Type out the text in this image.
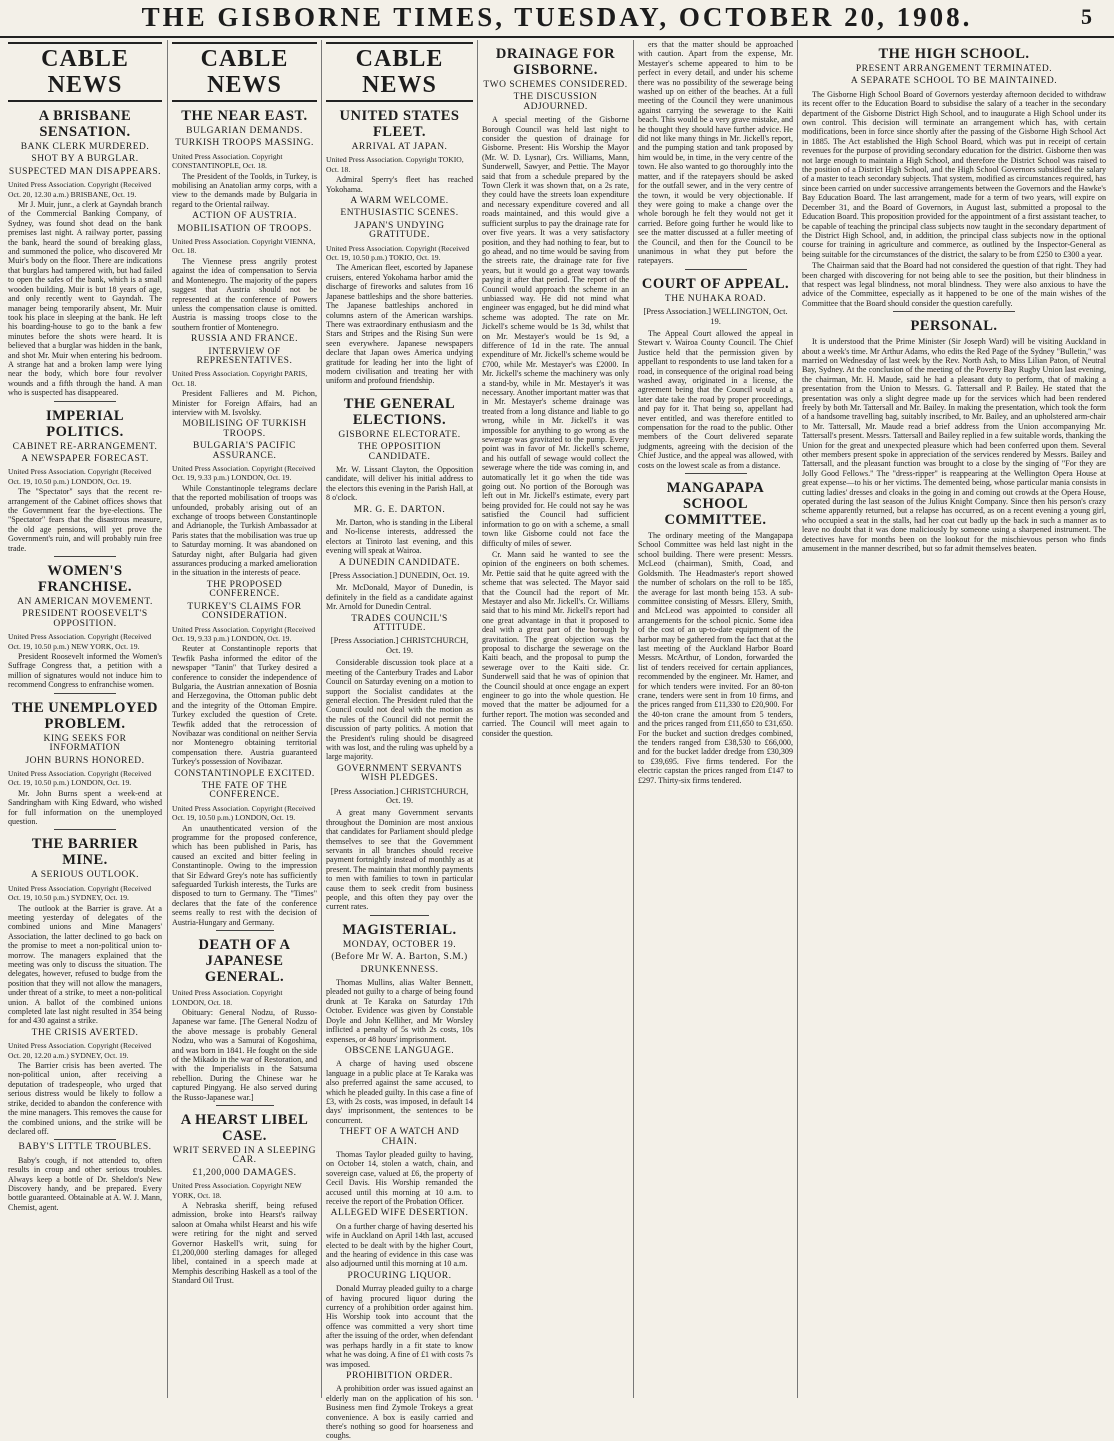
THE GISBORNE TIMES, TUESDAY, OCTOBER 20, 1908.	5
CABLE NEWS
A BRISBANE SENSATION.
BANK CLERK MURDERED.
SHOT BY A BURGLAR.
SUSPECTED MAN DISAPPEARS.
United Press Association. Copyright (Received Oct. 20, 12.30 a.m.) BRISBANE, Oct. 19.

Mr J. Muir, junr., a clerk at Gayndah branch of the Commercial Banking Company, of Sydney, was found shot dead on the bank premises last night. A railway porter, passing the bank, heard the sound of breaking glass, and summoned the police, who discovered Mr Muir's body on the floor. There are indications that burglars had tampered with, but had failed to open the safes of the bank, which is a small wooden building. Muir is but 18 years of age, and only recently went to Gayndah. The manager being temporarily absent, Mr. Muir took his place in sleeping at the bank. He left his boarding-house to go to the bank a few minutes before the shots were heard. It is believed that a burglar was hidden in the bank, and shot Mr. Muir when entering his bedroom. A strange hat and a broken lamp were lying near the body, which bore four revolver wounds and a fifth through the hand. A man who is suspected has disappeared.

IMPERIAL POLITICS.
CABINET RE-ARRANGEMENT.
A NEWSPAPER FORECAST.
United Press Association. Copyright (Received Oct. 19, 10.50 p.m.) LONDON, Oct. 19.

The "Spectator" says that the recent re-arrangement of the Cabinet offices shows that the Government fear the bye-elections. The "Spectator" fears that the disastrous measure, the old age pensions, will yet prove the Government's ruin, and will probably ruin free trade.

WOMEN'S FRANCHISE.
AN AMERICAN MOVEMENT.
PRESIDENT ROOSEVELT'S OPPOSITION.
United Press Association. Copyright (Received Oct. 19, 10.50 p.m.) NEW YORK, Oct. 19.

President Roosevelt informed the Women's Suffrage Congress that, a petition with a million of signatures would not induce him to recommend Congress to enfranchise women.

THE UNEMPLOYED PROBLEM.
KING SEEKS FOR INFORMATION
JOHN BURNS HONORED.
United Press Association. Copyright (Received Oct. 19, 10.50 p.m.) LONDON, Oct. 19.

Mr. John Burns spent a week-end at Sandringham with King Edward, who wished for full information on the unemployed question.

THE BARRIER MINE.
A SERIOUS OUTLOOK.
United Press Association. Copyright (Received Oct. 19, 10.50 p.m.) SYDNEY, Oct. 19.

The outlook at the Barrier is grave. At a meeting yesterday of delegates of the combined unions and Mine Managers' Association, the latter declined to go back on the promise to meet a non-political union to-morrow. The managers explained that the meeting was only to discuss the situation. The delegates, however, refused to budge from the position that they will not allow the managers, under threat of a strike, to meet a non-political union. A ballot of the combined unions completed late last night resulted in 354 being for and 430 against a strike.

THE CRISIS AVERTED.
United Press Association. Copyright (Received Oct. 20, 12.20 a.m.) SYDNEY, Oct. 19.

The Barrier crisis has been averted. The non-political union, after receiving a deputation of tradespeople, who urged that serious distress would be likely to follow a strike, decided to abandon the conference with the mine managers. This removes the cause for the combined unions, and the strike will be declared off.

BABY'S LITTLE TROUBLES.

Baby's cough, if not attended to, often results in croup and other serious troubles. Always keep a bottle of Dr. Sheldon's New Discovery handy, and be prepared. Every bottle guaranteed. Obtainable at A. W. J. Mann, Chemist, agent.

CABLE NEWS
THE NEAR EAST.
BULGARIAN DEMANDS.
TURKISH TROOPS MASSING.
United Press Association. Copyright CONSTANTINOPLE, Oct. 18.

The President of the Toolds, in Turkey, is mobilising an Anatolian army corps, with a view to the demands made by Bulgaria in regard to the Oriental railway.

ACTION OF AUSTRIA.
MOBILISATION OF TROOPS.
United Press Association. Copyright VIENNA, Oct. 18.

The Viennese press angrily protest against the idea of compensation to Servia and Montenegro. The majority of the papers suggest that Austria should not be represented at the conference of Powers unless the compensation clause is omitted. Austria is massing troops close to the southern frontier of Montenegro.

RUSSIA AND FRANCE.
INTERVIEW OF REPRESENTATIVES.
United Press Association. Copyright PARIS, Oct. 18.

President Fallieres and M. Pichon, Minister for Foreign Affairs, had an interview with M. Isvolsky.

MOBILISING OF TURKISH TROOPS.
BULGARIA'S PACIFIC ASSURANCE.
United Press Association. Copyright (Received Oct. 19, 9.33 p.m.) LONDON, Oct. 19.

While Constantinople telegrams declare that the reported mobilisation of troops was unfounded, probably arising out of an exchange of troops between Constantinople and Adrianople, the Turkish Ambassador at Paris states that the mobilisation was true up to Saturday morning. It was abandoned on Saturday night, after Bulgaria had given assurances producing a marked amelioration in the situation in the interests of peace.

THE PROPOSED CONFERENCE.
TURKEY'S CLAIMS FOR CONSIDERATION.
United Press Association. Copyright (Received Oct. 19, 9.33 p.m.) LONDON, Oct. 19.

Reuter at Constantinople reports that Tewfik Pasha informed the editor of the newspaper "Tanin" that Turkey desired a conference to consider the independence of Bulgaria, the Austrian annexation of Bosnia and Herzegovina, the Ottoman public debt and the integrity of the Ottoman Empire. Turkey excluded the question of Crete. Tewfik added that the retrocession of Novibazar was conditional on neither Servia nor Montenegro obtaining territorial compensation there. Austria guaranteed Turkey's possession of Novibazar.

CONSTANTINOPLE EXCITED.
THE FATE OF THE CONFERENCE.
United Press Association. Copyright (Received Oct. 19, 10.50 p.m.) LONDON, Oct. 19.

An unauthenticated version of the programme for the proposed conference, which has been published in Paris, has caused an excited and bitter feeling in Constantinople. Owing to the impression that Sir Edward Grey's note has sufficiently safeguarded Turkish interests, the Turks are disposed to turn to Germany. The "Times" declares that the fate of the conference seems really to rest with the decision of Austria-Hungary and Germany.

DEATH OF A JAPANESE GENERAL.
United Press Association. Copyright LONDON, Oct. 18.

Obituary: General Nodzu, of Russo-Japanese war fame. [The General Nodzu of the above message is probably General Nodzu, who was a Samurai of Kogoshima, and was born in 1841. He fought on the side of the Mikado in the war of Restoration, and with the Imperialists in the Satsuma rebellion. During the Chinese war he captured Pingyang. He also served during the Russo-Japanese war.]

A HEARST LIBEL CASE.
WRIT SERVED IN A SLEEPING CAR.
£1,200,000 DAMAGES.
United Press Association. Copyright NEW YORK, Oct. 18.

A Nebraska sheriff, being refused admission, broke into Hearst's railway saloon at Omaha whilst Hearst and his wife were retiring for the night and served Governor Haskell's writ, suing for £1,200,000 sterling damages for alleged libel, contained in a speech made at Memphis describing Haskell as a tool of the Standard Oil Trust.

CABLE NEWS
UNITED STATES FLEET.
ARRIVAL AT JAPAN.
United Press Association. Copyright TOKIO, Oct. 18.

Admiral Sperry's fleet has reached Yokohama.

A WARM WELCOME.
ENTHUSIASTIC SCENES.
JAPAN'S UNDYING GRATITUDE.
United Press Association. Copyright (Received Oct. 19, 10.50 p.m.) TOKIO, Oct. 19.

The American fleet, escorted by Japanese cruisers, entered Yokohama harbor amid the discharge of fireworks and salutes from 16 Japanese battleships and the shore batteries. The Japanese battleships anchored in columns astern of the American warships. There was extraordinary enthusiasm and the Stars and Stripes and the Rising Sun were seen everywhere. Japanese newspapers declare that Japan owes America undying gratitude for leading her into the light of modern civilisation and treating her with uniform and profound friendship.

THE GENERAL ELECTIONS.
GISBORNE ELECTORATE.
THE OPPOSITION CANDIDATE.

Mr. W. Lissant Clayton, the Opposition candidate, will deliver his initial address to the electors this evening in the Parish Hall, at 8 o'clock.

MR. G. E. DARTON.

Mr. Darton, who is standing in the Liberal and No-license interests, addressed the electors at Tiniroto last evening, and this evening will speak at Wairoa.

A DUNEDIN CANDIDATE.
[Press Association.] DUNEDIN, Oct. 19.

Mr. McDonald, Mayor of Dunedin, is definitely in the field as a candidate against Mr. Arnold for Dunedin Central.

TRADES COUNCIL'S ATTITUDE.
[Press Association.] CHRISTCHURCH, Oct. 19.

Considerable discussion took place at a meeting of the Canterbury Trades and Labor Council on Saturday evening on a motion to support the Socialist candidates at the general election. The President ruled that the Council could not deal with the motion as the rules of the Council did not permit the discussion of party politics. A motion that the President's ruling should be disagreed with was lost, and the ruling was upheld by a large majority.

GOVERNMENT SERVANTS WISH PLEDGES.
[Press Association.] CHRISTCHURCH, Oct. 19.

A great many Government servants throughout the Dominion are most anxious that candidates for Parliament should pledge themselves to see that the Government servants in all branches should receive payment fortnightly instead of monthly as at present. The maintain that monthly payments to men with families to town in particular cause them to seek credit from business people, and this often they pay over the current rates.

MAGISTERIAL.
MONDAY, OCTOBER 19.
(Before Mr W. A. Barton, S.M.)
DRUNKENNESS.

Thomas Mullins, alias Walter Bennett, pleaded not guilty to a charge of being found drunk at Te Karaka on Saturday 17th October. Evidence was given by Constable Doyle and John Kelliher, and Mr Worsley inflicted a penalty of 5s with 2s costs, 10s expenses, or 48 hours' imprisonment.

OBSCENE LANGUAGE.

A charge of having used obscene language in a public place at Te Karaka was also preferred against the same accused, to which he pleaded guilty. In this case a fine of £3, with 2s costs, was imposed, in default 14 days' imprisonment, the sentences to be concurrent.

THEFT OF A WATCH AND CHAIN.

Thomas Taylor pleaded guilty to having, on October 14, stolen a watch, chain, and sovereign case, valued at £6, the property of Cecil Davis. His Worship remanded the accused until this morning at 10 a.m. to receive the report of the Probation Officer.

ALLEGED WIFE DESERTION.

On a further charge of having deserted his wife in Auckland on April 14th last, accused elected to be dealt with by the higher Court, and the hearing of evidence in this case was also adjourned until this morning at 10 a.m.

PROCURING LIQUOR.

Donald Murray pleaded guilty to a charge of having procured liquor during the currency of a prohibition order against him. His Worship took into account that the offence was committed a very short time after the issuing of the order, when defendant was perhaps hardly in a fit state to know what he was doing. A fine of £1 with costs 7s was imposed.

PROHIBITION ORDER.

A prohibition order was issued against an elderly man on the application of his son. Business men find Zymole Trokeys a great convenience. A box is easily carried and there's nothing so good for hoarseness and coughs.

DRAINAGE FOR GISBORNE.
TWO SCHEMES CONSIDERED.
THE DISCUSSION ADJOURNED.

A special meeting of the Gisborne Borough Council was held last night to consider the question of drainage for Gisborne. Present: His Worship the Mayor (Mr. W. D. Lysnar), Crs. Williams, Mann, Sunderwell, Sawyer, and Pettie. The Mayor said that from a schedule prepared by the Town Clerk it was shown that, on a 2s rate, they could have the streets loan expenditure and necessary expenditure covered and all roads maintained, and this would give a sufficient surplus to pay the drainage rate for over five years. It was a very satisfactory position, and they had nothing to fear, but to go ahead, and no time would be saving from the streets rate, the drainage rate for five years, but it would go a great way towards paying it after that period. The report of the Council would approach the scheme in an unbiassed way. He did not mind what engineer was engaged, but he did mind what scheme was adopted. The rate on Mr. Jickell's scheme would be 1s 3d, whilst that on Mr. Mestayer's would be 1s 9d, a difference of 1d in the rate. The annual expenditure of Mr. Jickell's scheme would be £700, while Mr. Mestayer's was £2000. In Mr. Jickell's scheme the machinery was only a stand-by, while in Mr. Mestayer's it was necessary. Another important matter was that in Mr. Mestayer's scheme drainage was treated from a long distance and liable to go wrong, while in Mr. Jickell's it was impossible for anything to go wrong as the sewerage was gravitated to the pump. Every point was in favor of Mr. Jickell's scheme, and his outfall of sewage would collect the sewerage where the tide was coming in, and automatically let it go when the tide was going out. No portion of the Borough was left out in Mr. Jickell's estimate, every part being provided for. He could not say he was satisfied the Council had sufficient information to go on with a scheme, a small town like Gisborne could not face the difficulty of miles of sewer.

Cr. Mann said he wanted to see the opinion of the engineers on both schemes. Mr. Pettie said that he quite agreed with the scheme that was selected. The Mayor said that the Council had the report of Mr. Mestayer and also Mr. Jickell's. Cr. Williams said that to his mind Mr. Jickell's report had one great advantage in that it proposed to deal with a great part of the borough by gravitation. The great objection was the proposal to discharge the sewerage on the Kaiti beach, and the proposal to pump the sewerage over to the Kaiti side. Cr. Sunderwell said that he was of opinion that the Council should at once engage an expert engineer to go into the whole question. He moved that the matter be adjourned for a further report. The motion was seconded and carried. The Council will meet again to consider the question.

ers that the matter should be approached with caution. Apart from the expense, Mr. Mestayer's scheme appeared to him to be perfect in every detail, and under his scheme there was no possibility of the sewerage being washed up on either of the beaches. At a full meeting of the Council they were unanimous against carrying the sewerage to the Kaiti beach. This would be a very grave mistake, and he thought they should have further advice. He did not like many things in Mr. Jickell's report, and the pumping station and tank proposed by him would be, in time, in the very centre of the town. He also wanted to go thoroughly into the matter, and if the ratepayers should be asked for the outfall sewer, and in the very centre of the town, it would be very objectionable. If they were going to make a change over the whole borough he felt they would not get it carried. Before going further he would like to see the matter discussed at a fuller meeting of the Council, and then for the Council to be unanimous in what they put before the ratepayers.

COURT OF APPEAL.
THE NUHAKA ROAD.
[Press Association.] WELLINGTON, Oct. 19.

The Appeal Court allowed the appeal in Stewart v. Wairoa County Council. The Chief Justice held that the permission given by appellant to respondents to use land taken for a road, in consequence of the original road being washed away, originated in a license, the agreement being that the Council would at a later date take the road by proper proceedings, and pay for it. That being so, appellant had never entitled, and was therefore entitled to compensation for the road to the public. Other members of the Court delivered separate judgments, agreeing with the decision of the Chief Justice, and the appeal was allowed, with costs on the lowest scale as from a distance.

MANGAPAPA SCHOOL COMMITTEE.

The ordinary meeting of the Mangapapa School Committee was held last night in the school building. There were present: Messrs. McLeod (chairman), Smith, Coad, and Goldsmith. The Headmaster's report showed the number of scholars on the roll to be 185, the average for last month being 153. A sub-committee consisting of Messrs. Ellery, Smith, and McLeod was appointed to consider all arrangements for the school picnic. Some idea of the cost of an up-to-date equipment of the harbor may be gathered from the fact that at the last meeting of the Auckland Harbor Board Messrs. McArthur, of London, forwarded the list of tenders received for certain appliances, recommended by the engineer. Mr. Hamer, and for which tenders were invited. For an 80-ton crane, tenders were sent in from 10 firms, and the prices ranged from £11,330 to £20,900. For the 40-ton crane the amount from 5 tenders, and the prices ranged from £11,650 to £31,650. For the bucket and suction dredges combined, the tenders ranged from £38,530 to £66,000, and for the bucket ladder dredge from £30,309 to £39,695. Five firms tendered. For the electric capstan the prices ranged from £147 to £297. Thirty-six firms tendered.

THE HIGH SCHOOL.
PRESENT ARRANGEMENT TERMINATED.
A SEPARATE SCHOOL TO BE MAINTAINED.

The Gisborne High School Board of Governors yesterday afternoon decided to withdraw its recent offer to the Education Board to subsidise the salary of a teacher in the secondary department of the Gisborne District High School, and to inaugurate a High School under its own control. This decision will terminate an arrangement which has, with certain modifications, been in force since shortly after the passing of the Gisborne High School Act in 1885. The Act established the High School Board, which was put in receipt of certain revenues for the purpose of providing secondary education for the district. Gisborne then was not large enough to maintain a High School, and therefore the District School was raised to the position of a District High School, and the High School Governors subsidised the salary of a master to teach secondary subjects. That system, modified as circumstances required, has since been carried on under successive arrangements between the Governors and the Hawke's Bay Education Board. The last arrangement, made for a term of two years, will expire on December 31, and the Board of Governors, in August last, submitted a proposal to the Education Board. This proposition provided for the appointment of a first assistant teacher, to be capable of teaching the principal class subjects now taught in the secondary department of the District High School, and, in addition, the principal class subjects now in the optional course for training in agriculture and commerce, as outlined by the Inspector-General as being suitable for the circumstances of the district, the salary to be from £250 to £300 a year.

The Chairman said that the Board had not considered the question of that right. They had been charged with discovering for not being able to see the position, but their blindness in that respect was legal blindness, not moral blindness. They were also anxious to have the advice of the Committee, especially as it happened to be one of the main wishes of the Committee that the Board should consider the question carefully.

PERSONAL.

It is understood that the Prime Minister (Sir Joseph Ward) will be visiting Auckland in about a week's time. Mr Arthur Adams, who edits the Red Page of the Sydney "Bulletin," was married on Wednesday of last week by the Rev. North Ash, to Miss Lilian Paton, of Neutral Bay, Sydney. At the conclusion of the meeting of the Poverty Bay Rugby Union last evening, the chairman, Mr. H. Maude, said he had a pleasant duty to perform, that of making a presentation from the Union to Messrs. G. Tattersall and P. Bailey. He stated that the presentation was only a slight degree made up for the services which had been rendered freely by both Mr. Tattersall and Mr. Bailey. In making the presentation, which took the form of a handsome travelling bag, suitably inscribed, to Mr. Bailey, and an upholstered arm-chair to Mr. Tattersall, Mr. Maude read a brief address from the Union accompanying Mr. Tattersall's present. Messrs. Tattersall and Bailey replied in a few suitable words, thanking the Union for the great and unexpected pleasure which had been conferred upon them. Several other members present spoke in appreciation of the services rendered by Messrs. Bailey and Tattersall, and the pleasant function was brought to a close by the singing of "For they are Jolly Good Fellows." The "dress-ripper" is reappearing at the Wellington Opera House at great expense—to his or her victims. The demented being, whose particular mania consists in cutting ladies' dresses and cloaks in the going in and coming out crowds at the Opera House, operated during the last season of the Julius Knight Company. Since then his person's crazy scheme apparently returned, but a relapse has occurred, as on a recent evening a young girl, who occupied a seat in the stalls, had her coat cut badly up the back in such a manner as to leave no doubt that it was done maliciously by someone using a sharpened instrument. The detectives have for months been on the lookout for the mischievous person who finds amusement in the manner described, but so far admit themselves beaten.
